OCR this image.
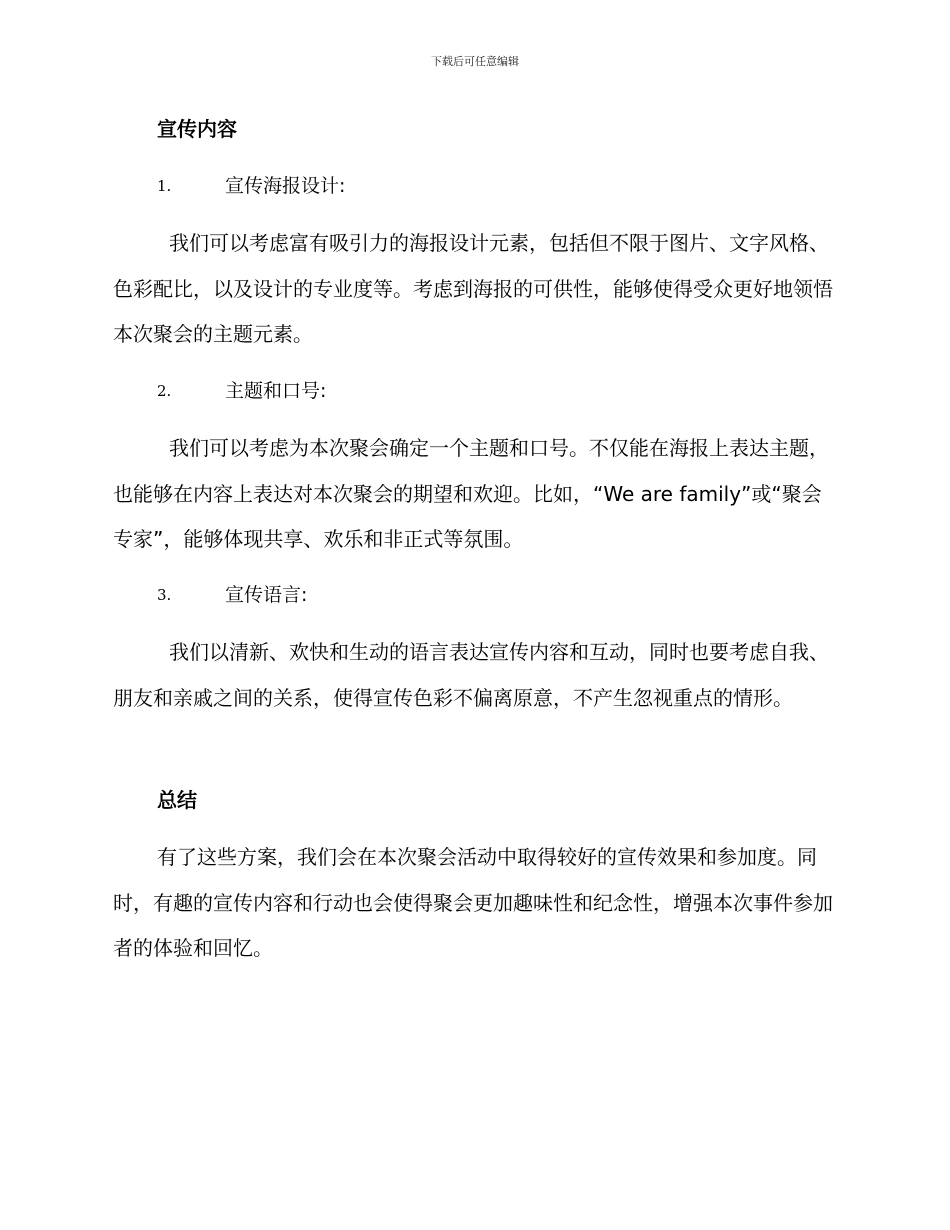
下载后可任意编辑
宣传内容
1.	宣传海报设计:

我们可以考虑富有吸引力的海报设计元素，包括但不限于图片、文字风格、色彩配比，以及设计的专业度等。考虑到海报的可供性，能够使得受众更好地领悟本次聚会的主题元素。

2.	主题和口号:

我们可以考虑为本次聚会确定一个主题和口号。不仅能在海报上表达主题，也能够在内容上表达对本次聚会的期望和欢迎。比如，“We are family”或“聚会专家”，能够体现共享、欢乐和非正式等氛围。

3.	宣传语言:

我们以清新、欢快和生动的语言表达宣传内容和互动，同时也要考虑自我、朋友和亲戚之间的关系，使得宣传色彩不偏离原意，不产生忽视重点的情形。

总结

有了这些方案，我们会在本次聚会活动中取得较好的宣传效果和参加度。同时，有趣的宣传内容和行动也会使得聚会更加趣味性和纪念性，增强本次事件参加者的体验和回忆。
